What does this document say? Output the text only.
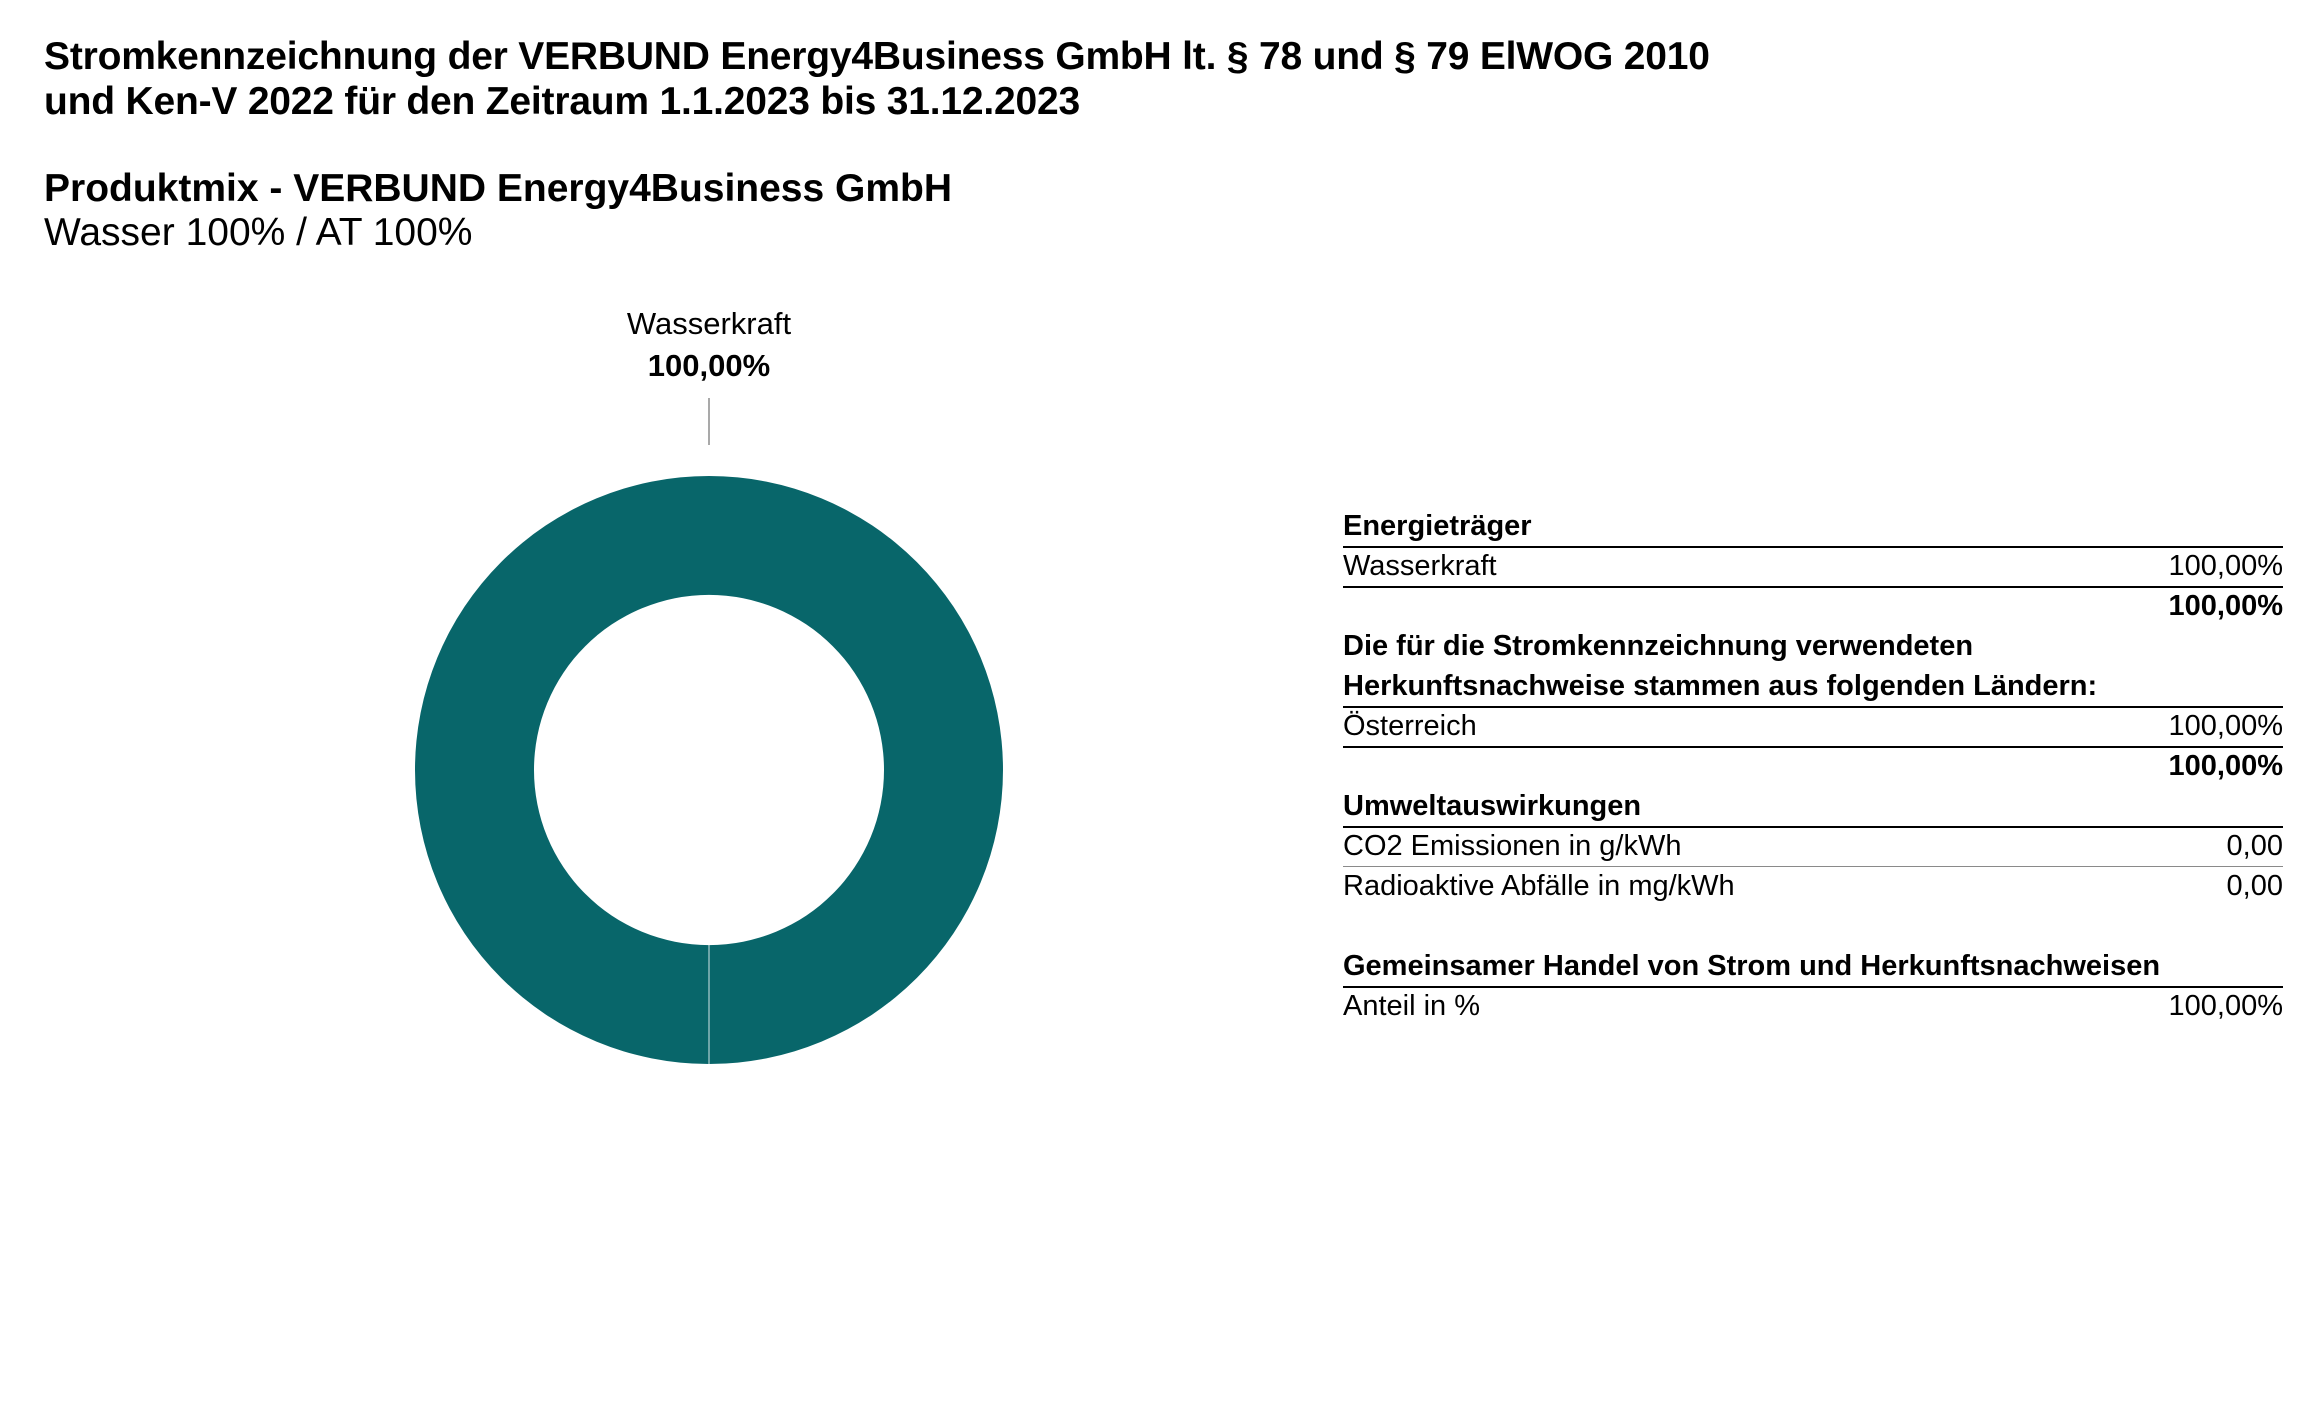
Stromkennzeichnung der VERBUND Energy4Business GmbH lt. § 78 und § 79 ElWOG 2010
und Ken-V 2022 für den Zeitraum 1.1.2023 bis 31.12.2023
Produktmix - VERBUND Energy4Business GmbH
Wasser 100% / AT 100%
Wasserkraft
100,00%
Energieträger
Wasserkraft	100,00%
100,00%
Die für die Stromkennzeichnung verwendeten
Herkunftsnachweise stammen aus folgenden Ländern:
Österreich	100,00%
100,00%
Umweltauswirkungen
CO2 Emissionen in g/kWh	0,00
Radioaktive Abfälle in mg/kWh	0,00
Gemeinsamer Handel von Strom und Herkunftsnachweisen
Anteil in %	100,00%
